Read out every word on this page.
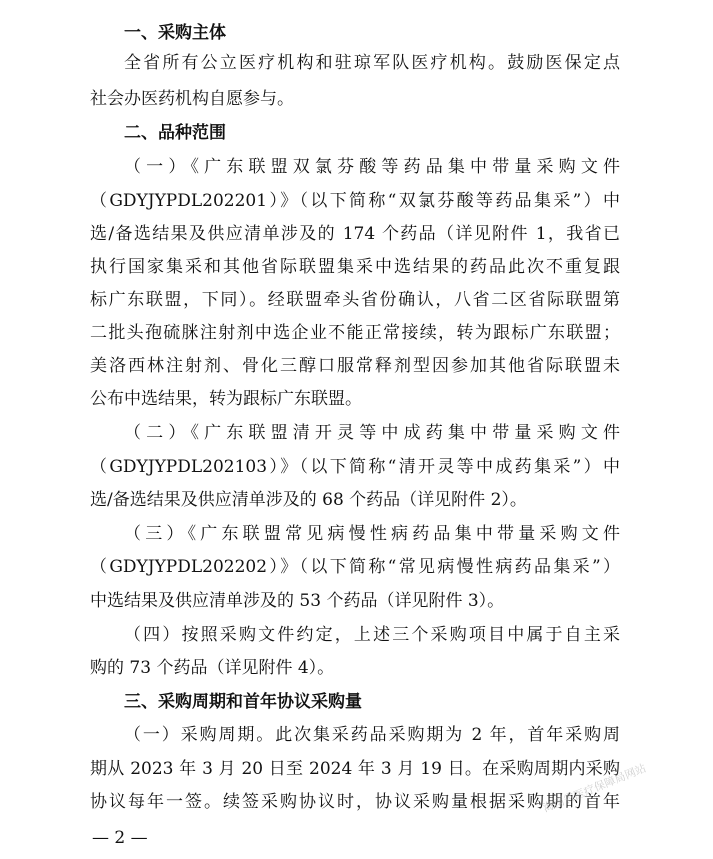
一、采购主体
全省所有公立医疗机构和驻琼军队医疗机构。鼓励医保定点
社会办医药机构自愿参与。
二、品种范围
（一）《广东联盟双氯芬酸等药品集中带量采购文件
（GDYJYPDL202201）》（以下简称“双氯芬酸等药品集采”）中
选/备选结果及供应清单涉及的 174 个药品（详见附件 1，我省已
执行国家集采和其他省际联盟集采中选结果的药品此次不重复跟
标广东联盟，下同）。经联盟牵头省份确认，八省二区省际联盟第
二批头孢硫脒注射剂中选企业不能正常接续，转为跟标广东联盟；
美洛西林注射剂、骨化三醇口服常释剂型因参加其他省际联盟未
公布中选结果，转为跟标广东联盟。
（二）《广东联盟清开灵等中成药集中带量采购文件
（GDYJYPDL202103）》（以下简称“清开灵等中成药集采”）中
选/备选结果及供应清单涉及的 68 个药品（详见附件 2）。
（三）《广东联盟常见病慢性病药品集中带量采购文件
（GDYJYPDL202202）》（以下简称“常见病慢性病药品集采”）
中选结果及供应清单涉及的 53 个药品（详见附件 3）。
（四）按照采购文件约定，上述三个采购项目中属于自主采
购的 73 个药品（详见附件 4）。
三、采购周期和首年协议采购量
（一）采购周期。此次集采药品采购期为 2 年，首年采购周
期从 2023 年 3 月 20 日至 2024 年 3 月 19 日。在采购周期内采购
协议每年一签。续签采购协议时，协议采购量根据采购期的首年
— 2 —
海南省医疗保障局网站
